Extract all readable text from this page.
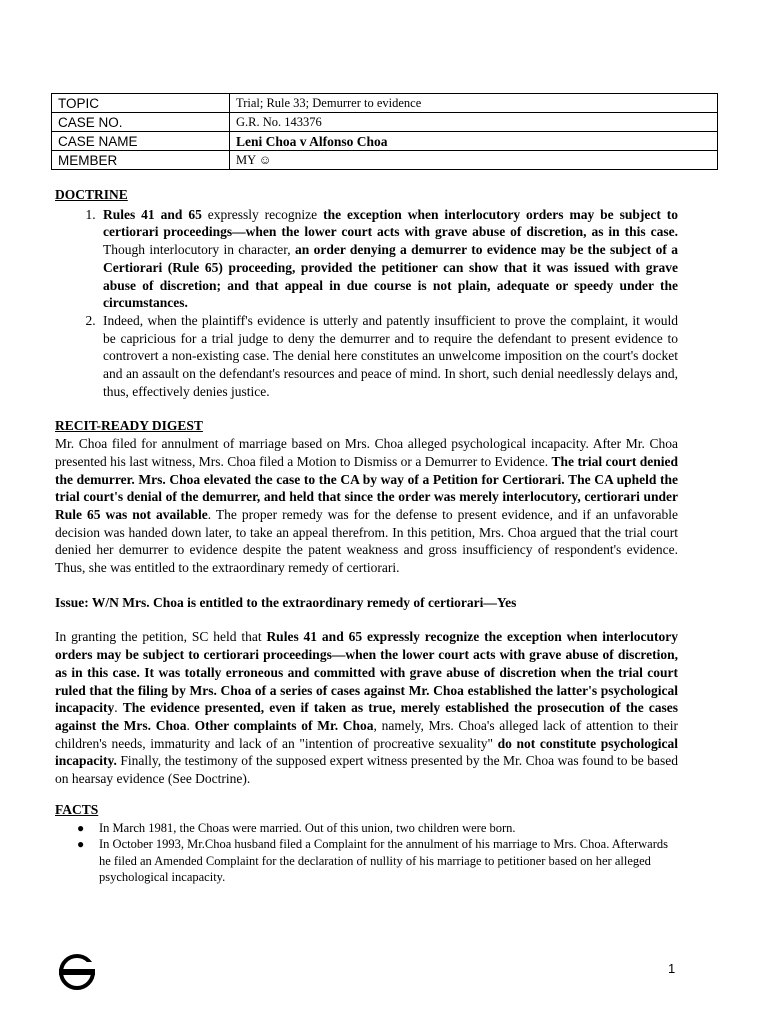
TOPIC	Trial; Rule 33; Demurrer to evidence
CASE NO.	G.R. No. 143376
CASE NAME	Leni Choa v Alfonso Choa
MEMBER	MY ☺

DOCTRINE

1. Rules 41 and 65 expressly recognize the exception when interlocutory orders may be subject to certiorari proceedings—when the lower court acts with grave abuse of discretion, as in this case. Though interlocutory in character, an order denying a demurrer to evidence may be the subject of a Certiorari (Rule 65) proceeding, provided the petitioner can show that it was issued with grave abuse of discretion; and that appeal in due course is not plain, adequate or speedy under the circumstances.
2. Indeed, when the plaintiff's evidence is utterly and patently insufficient to prove the complaint, it would be capricious for a trial judge to deny the demurrer and to require the defendant to present evidence to controvert a non-existing case. The denial here constitutes an unwelcome imposition on the court's docket and an assault on the defendant's resources and peace of mind. In short, such denial needlessly delays and, thus, effectively denies justice.

RECIT-READY DIGEST

Mr. Choa filed for annulment of marriage based on Mrs. Choa alleged psychological incapacity. After Mr. Choa presented his last witness, Mrs. Choa filed a Motion to Dismiss or a Demurrer to Evidence. The trial court denied the demurrer. Mrs. Choa elevated the case to the CA by way of a Petition for Certiorari. The CA upheld the trial court's denial of the demurrer, and held that since the order was merely interlocutory, certiorari under Rule 65 was not available. The proper remedy was for the defense to present evidence, and if an unfavorable decision was handed down later, to take an appeal therefrom. In this petition, Mrs. Choa argued that the trial court denied her demurrer to evidence despite the patent weakness and gross insufficiency of respondent's evidence. Thus, she was entitled to the extraordinary remedy of certiorari.

Issue: W/N Mrs. Choa is entitled to the extraordinary remedy of certiorari—Yes

In granting the petition, SC held that Rules 41 and 65 expressly recognize the exception when interlocutory orders may be subject to certiorari proceedings—when the lower court acts with grave abuse of discretion, as in this case. It was totally erroneous and committed with grave abuse of discretion when the trial court ruled that the filing by Mrs. Choa of a series of cases against Mr. Choa established the latter's psychological incapacity. The evidence presented, even if taken as true, merely established the prosecution of the cases against the Mrs. Choa. Other complaints of Mr. Choa, namely, Mrs. Choa's alleged lack of attention to their children's needs, immaturity and lack of an "intention of procreative sexuality" do not constitute psychological incapacity. Finally, the testimony of the supposed expert witness presented by the Mr. Choa was found to be based on hearsay evidence (See Doctrine).

FACTS

● In March 1981, the Choas were married. Out of this union, two children were born.
● In October 1993, Mr.Choa husband filed a Complaint for the annulment of his marriage to Mrs. Choa. Afterwards he filed an Amended Complaint for the declaration of nullity of his marriage to petitioner based on her alleged psychological incapacity.
1
